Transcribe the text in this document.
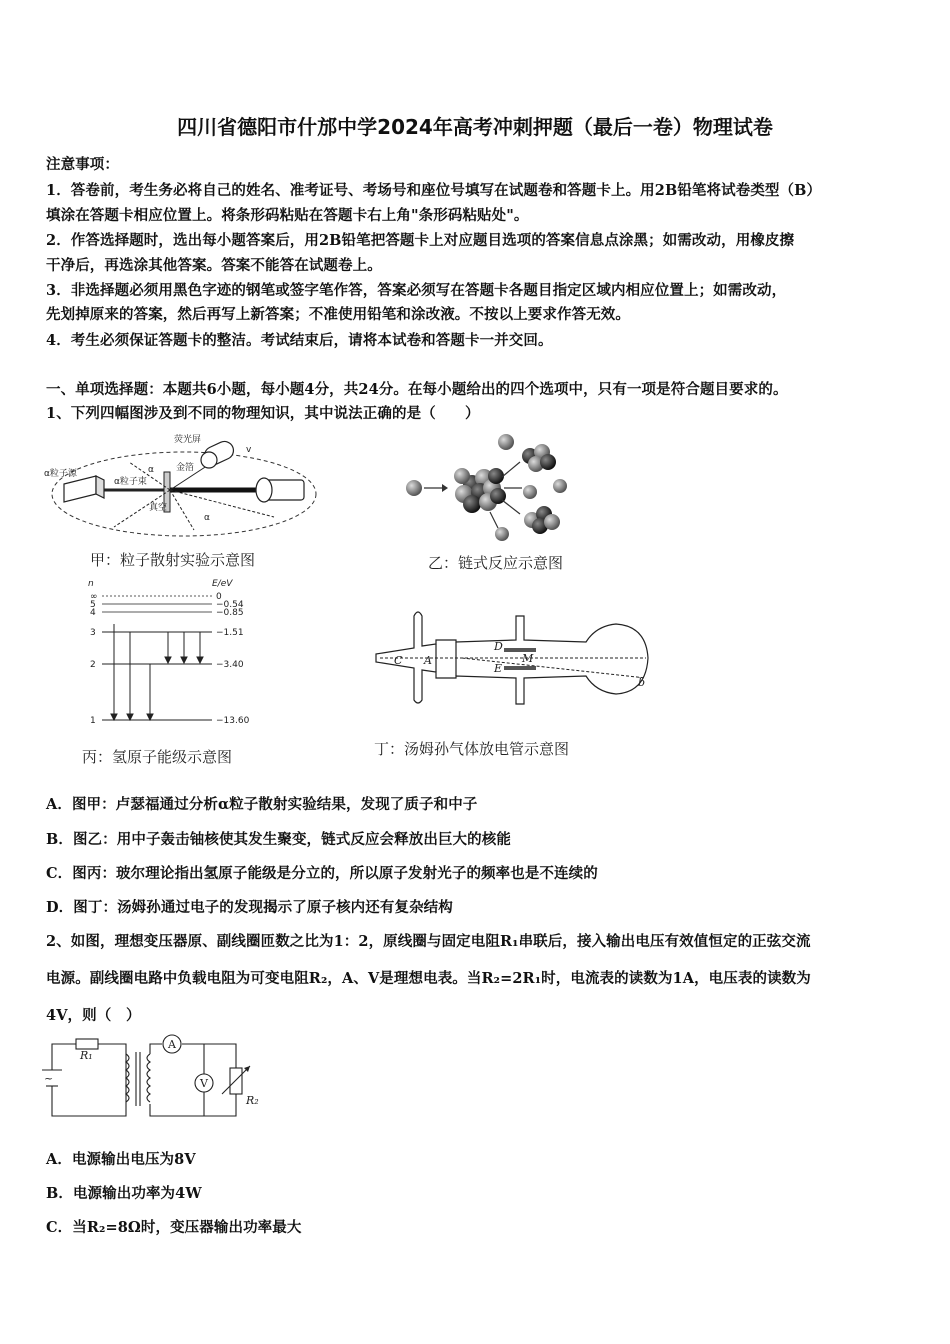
四川省德阳市什邡中学2024年高考冲刺押题（最后一卷）物理试卷
注意事项：
1．答卷前，考生务必将自己的姓名、准考证号、考场号和座位号填写在试题卷和答题卡上。用2B铅笔将试卷类型（B）
填涂在答题卡相应位置上。将条形码粘贴在答题卡右上角"条形码粘贴处"。
2．作答选择题时，选出每小题答案后，用2B铅笔把答题卡上对应题目选项的答案信息点涂黑；如需改动，用橡皮擦
干净后，再选涂其他答案。答案不能答在试题卷上。
3．非选择题必须用黑色字迹的钢笔或签字笔作答，答案必须写在答题卡各题目指定区域内相应位置上；如需改动，
先划掉原来的答案，然后再写上新答案；不准使用铅笔和涂改液。不按以上要求作答无效。
4．考生必须保证答题卡的整洁。考试结束后，请将本试卷和答题卡一并交回。
一、单项选择题：本题共6小题，每小题4分，共24分。在每小题给出的四个选项中，只有一项是符合题目要求的。
1、下列四幅图涉及到不同的物理知识，其中说法正确的是（　　）
α粒子源
荧光屏
金箔
α粒子束
真空
α
α
v
甲：粒子散射实验示意图	乙：链式反应示意图
∞	0
5	−0.54
4	−0.85
3	−1.51
2	−3.40
1	−13.60
n	E/eV
丙：氢原子能级示意图
C A
D
E
M
b
丁：汤姆孙气体放电管示意图
A．图甲：卢瑟福通过分析α粒子散射实验结果，发现了质子和中子
B．图乙：用中子轰击铀核使其发生聚变，链式反应会释放出巨大的核能
C．图丙：玻尔理论指出氢原子能级是分立的，所以原子发射光子的频率也是不连续的
D．图丁：汤姆孙通过电子的发现揭示了原子核内还有复杂结构
2、如图，理想变压器原、副线圈匝数之比为1：2，原线圈与固定电阻R₁串联后，接入输出电压有效值恒定的正弦交流
电源。副线圈电路中负载电阻为可变电阻R₂，A、V是理想电表。当R₂=2R₁时，电流表的读数为1A，电压表的读数为
4V，则（　）
R₁
A
V
R₂
~
A．电源输出电压为8V
B．电源输出功率为4W
C．当R₂=8Ω时，变压器输出功率最大
